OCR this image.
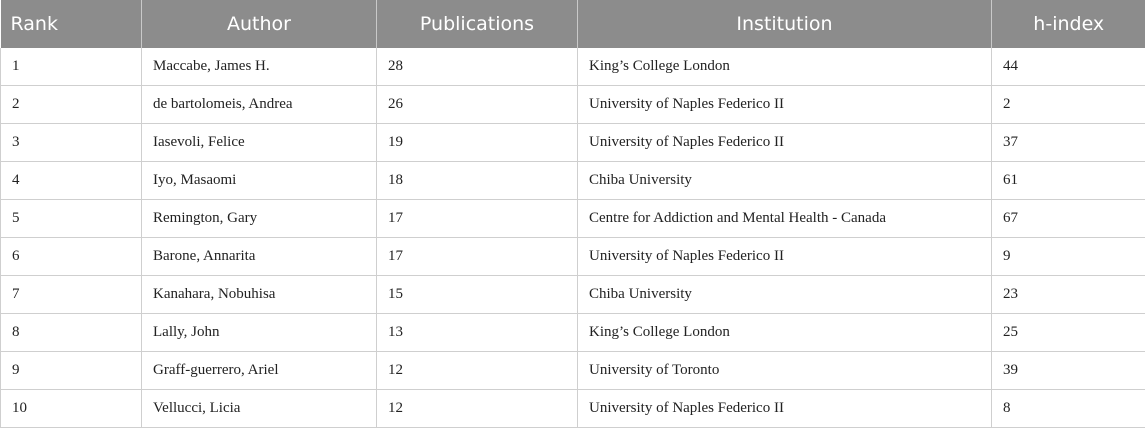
Rank	Author	Publications	Institution	h-index
1	Maccabe, James H.	28	King’s College London	44
2	de bartolomeis, Andrea	26	University of Naples Federico II	2
3	Iasevoli, Felice	19	University of Naples Federico II	37
4	Iyo, Masaomi	18	Chiba University	61
5	Remington, Gary	17	Centre for Addiction and Mental Health - Canada	67
6	Barone, Annarita	17	University of Naples Federico II	9
7	Kanahara, Nobuhisa	15	Chiba University	23
8	Lally, John	13	King’s College London	25
9	Graff-guerrero, Ariel	12	University of Toronto	39
10	Vellucci, Licia	12	University of Naples Federico II	8
